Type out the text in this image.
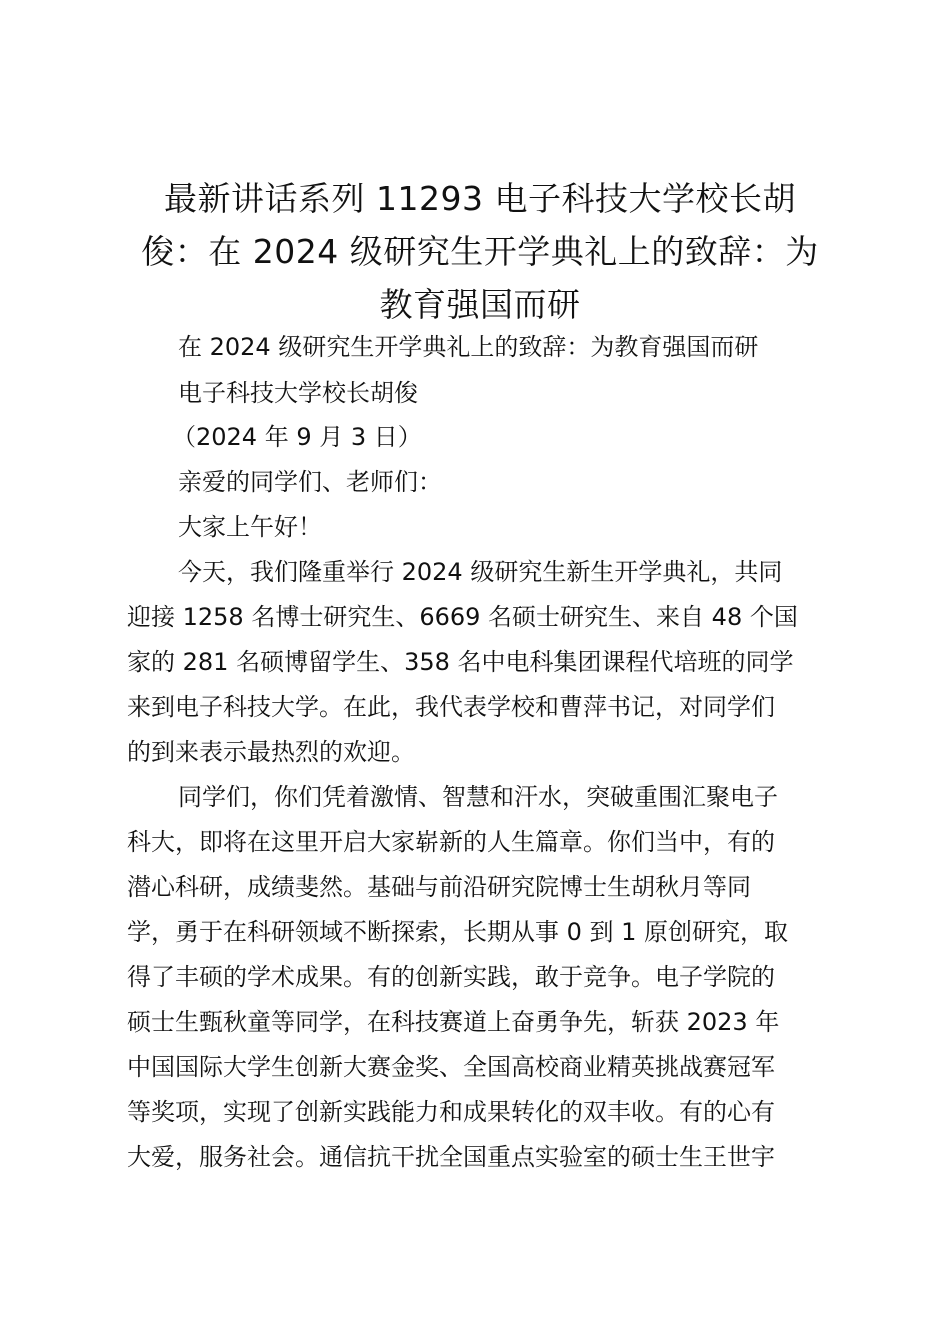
最新讲话系列 11293 电子科技大学校长胡
俊：在 2024 级研究生开学典礼上的致辞：为
教育强国而研

在 2024 级研究生开学典礼上的致辞：为教育强国而研

电子科技大学校长胡俊

（2024 年 9 月 3 日）

亲爱的同学们、老师们：

大家上午好！

今天，我们隆重举行 2024 级研究生新生开学典礼，共同

迎接 1258 名博士研究生、6669 名硕士研究生、来自 48 个国

家的 281 名硕博留学生、358 名中电科集团课程代培班的同学

来到电子科技大学。在此，我代表学校和曹萍书记，对同学们

的到来表示最热烈的欢迎。

同学们，你们凭着激情、智慧和汗水，突破重围汇聚电子

科大，即将在这里开启大家崭新的人生篇章。你们当中，有的

潜心科研，成绩斐然。基础与前沿研究院博士生胡秋月等同

学，勇于在科研领域不断探索，长期从事 0 到 1 原创研究，取

得了丰硕的学术成果。有的创新实践，敢于竞争。电子学院的

硕士生甄秋童等同学，在科技赛道上奋勇争先，斩获 2023 年

中国国际大学生创新大赛金奖、全国高校商业精英挑战赛冠军

等奖项，实现了创新实践能力和成果转化的双丰收。有的心有

大爱，服务社会。通信抗干扰全国重点实验室的硕士生王世宇
